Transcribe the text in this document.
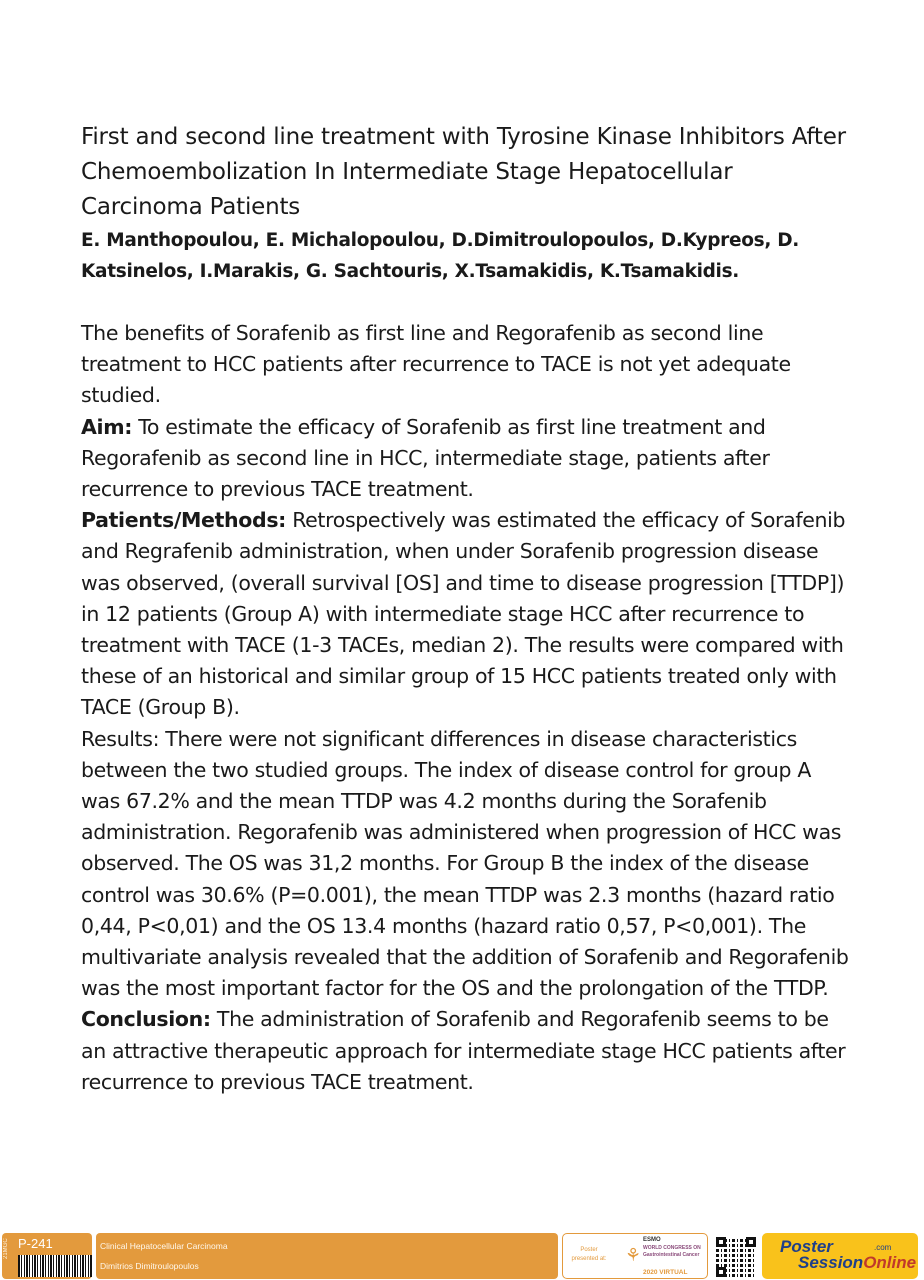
First and second line treatment with Tyrosine Kinase Inhibitors After Chemoembolization In Intermediate Stage Hepatocellular Carcinoma Patients

E. Manthopoulou, E. Michalopoulou, D.Dimitroulopoulos, D.Kypreos, D. Katsinelos, I.Marakis, G. Sachtouris, X.Tsamakidis, K.Tsamakidis.

The benefits of Sorafenib as first line and Regorafenib as second line treatment to HCC patients after recurrence to TACE is not yet adequate studied.

Aim: To estimate the efficacy of Sorafenib as first line treatment and Regorafenib as second line in HCC, intermediate stage, patients after recurrence to previous TACE treatment.

Patients/Methods: Retrospectively was estimated the efficacy of Sorafenib and Regrafenib administration, when under Sorafenib progression disease was observed, (overall survival [OS] and time to disease progression [TTDP]) in 12 patients (Group A) with intermediate stage HCC after recurrence to treatment with TACE (1-3 TACEs, median 2). The results were compared with these of an historical and similar group of 15 HCC patients treated only with TACE (Group B).

Results: There were not significant differences in disease characteristics between the two studied groups. The index of disease control for group A was 67.2% and the mean TTDP was 4.2 months during the Sorafenib administration. Regorafenib was administered when progression of HCC was observed. The OS was 31,2 months. For Group B the index of the disease control was 30.6% (P=0.001), the mean TTDP was 2.3 months (hazard ratio 0,44, P<0,01) and the OS 13.4 months (hazard ratio 0,57, P<0,001). The multivariate analysis revealed that the addition of Sorafenib and Regorafenib was the most important factor for the OS and the prolongation of the TTDP.

Conclusion: The administration of Sorafenib and Regorafenib seems to be an attractive therapeutic approach for intermediate stage HCC patients after recurrence to previous TACE treatment.

21MGC P-241	Clinical Hepatocellular Carcinoma
Dimitrios Dimitroulopoulos
Poster presented at: ⚘
ESMO
WORLD CONGRESS ON Gastrointestinal Cancer
2020 VIRTUAL
Poster
SessionOnline
.com
